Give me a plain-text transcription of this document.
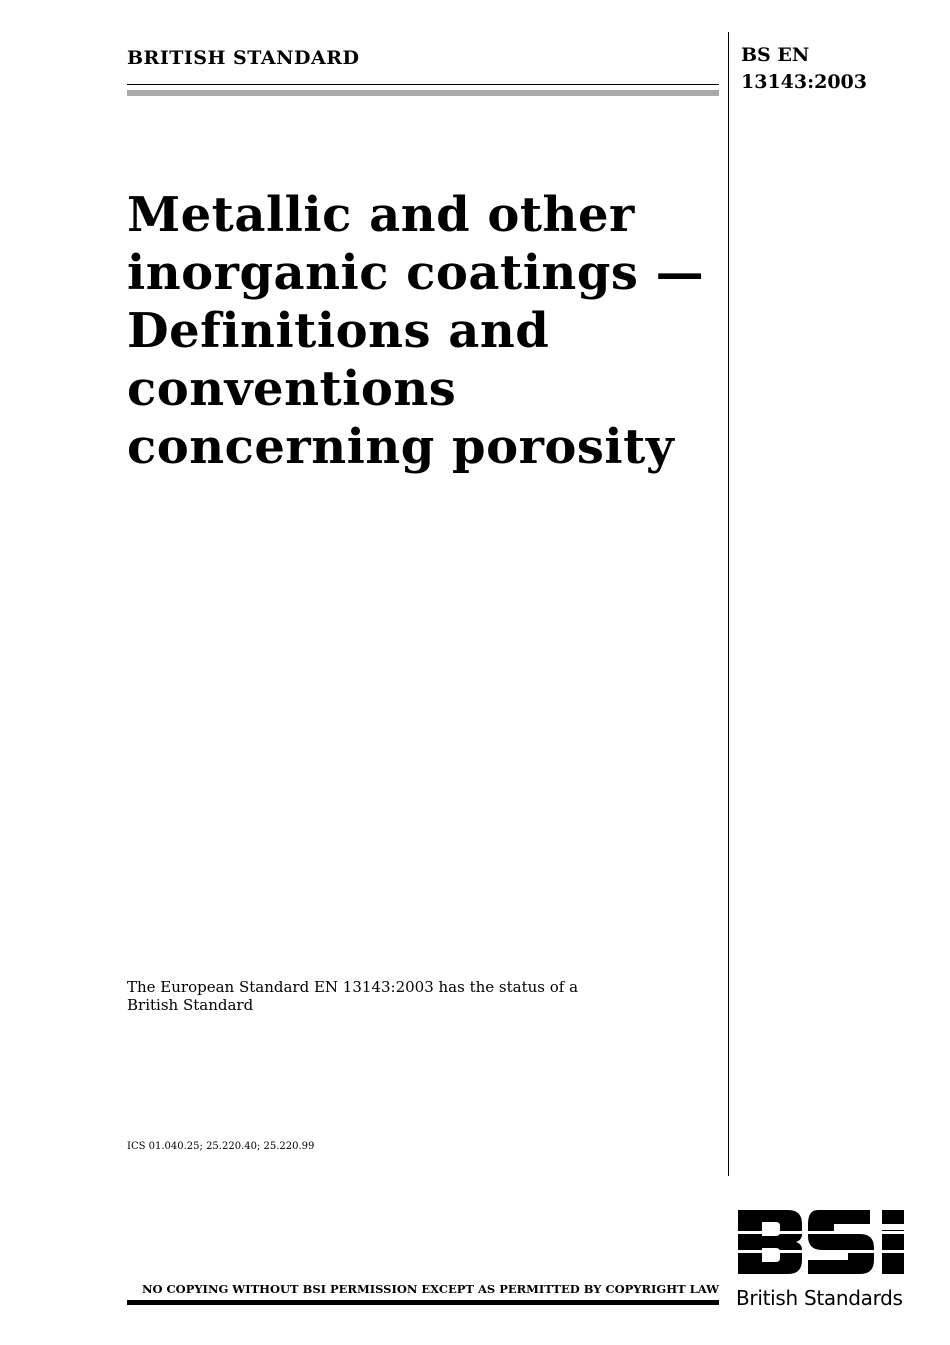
BRITISH STANDARD	BS EN
13143:2003
Metallic and other
inorganic coatings —
Definitions and
conventions
concerning porosity
The European Standard EN 13143:2003 has the status of a
British Standard
ICS 01.040.25; 25.220.40; 25.220.99
NO COPYING WITHOUT BSI PERMISSION EXCEPT AS PERMITTED BY COPYRIGHT LAW British Standards
